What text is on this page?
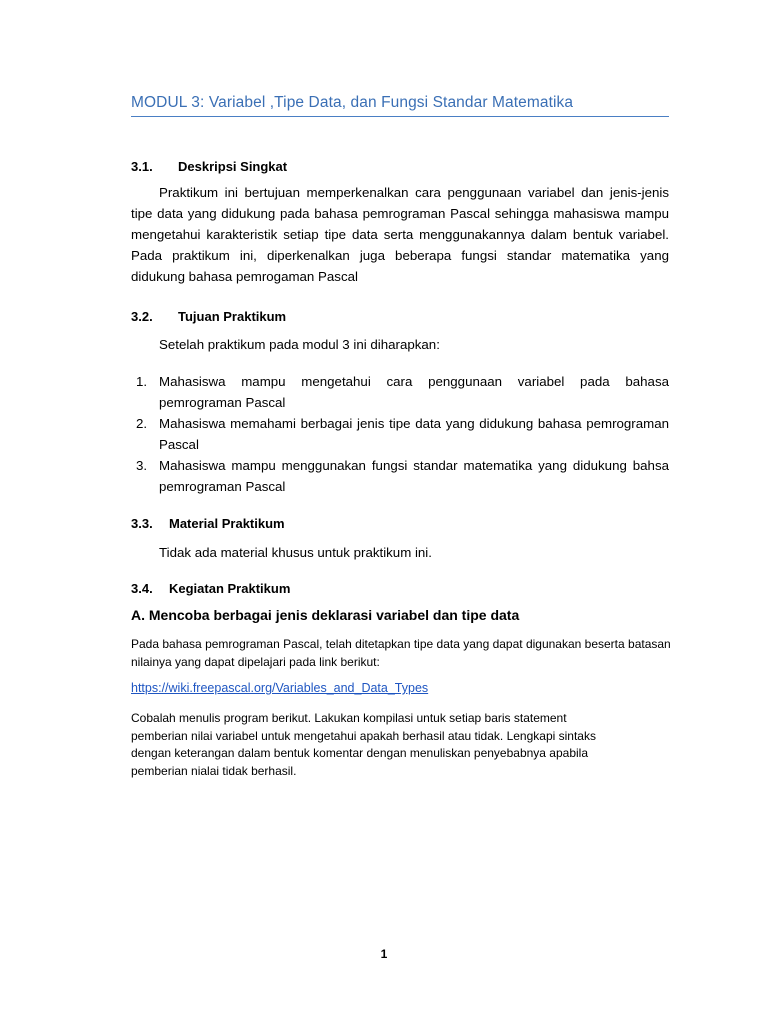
MODUL 3: Variabel ,Tipe Data, dan Fungsi Standar Matematika
3.1. Deskripsi Singkat
Praktikum ini bertujuan memperkenalkan cara penggunaan variabel dan jenis-jenis tipe data yang didukung pada bahasa pemrograman Pascal sehingga mahasiswa mampu mengetahui karakteristik setiap tipe data serta menggunakannya dalam bentuk variabel. Pada praktikum ini, diperkenalkan juga beberapa fungsi standar matematika yang didukung bahasa pemrogaman Pascal
3.2. Tujuan Praktikum
Setelah praktikum pada modul 3 ini diharapkan:
1. Mahasiswa mampu mengetahui cara penggunaan variabel pada bahasa pemrograman Pascal
2. Mahasiswa memahami berbagai jenis tipe data yang didukung bahasa pemrograman Pascal
3. Mahasiswa mampu menggunakan fungsi standar matematika yang didukung bahsa pemrograman Pascal
3.3. Material Praktikum
Tidak ada material khusus untuk praktikum ini.
3.4. Kegiatan Praktikum
A. Mencoba berbagai jenis deklarasi variabel dan tipe data
Pada bahasa pemrograman Pascal, telah ditetapkan tipe data yang dapat digunakan beserta batasan nilainya yang dapat dipelajari pada link berikut:
https://wiki.freepascal.org/Variables_and_Data_Types
Cobalah menulis program berikut. Lakukan kompilasi untuk setiap baris statement
pemberian nilai variabel untuk mengetahui apakah berhasil atau tidak. Lengkapi sintaks
dengan keterangan dalam bentuk komentar dengan menuliskan penyebabnya apabila
pemberian nialai tidak berhasil.
1
